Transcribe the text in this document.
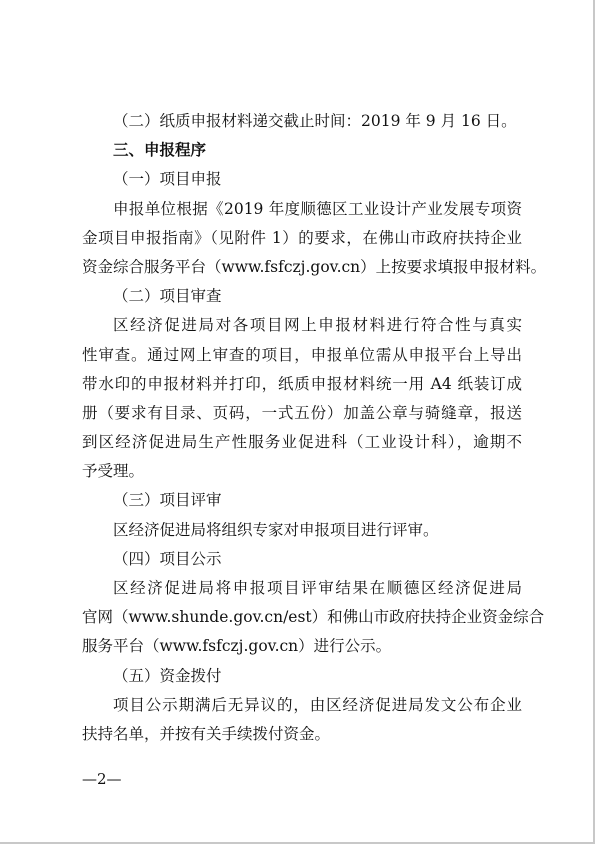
（二）纸质申报材料递交截止时间：2019 年 9 月 16 日。
三、申报程序
（一）项目申报
申报单位根据《2019 年度顺德区工业设计产业发展专项资
金项目申报指南》（见附件 1）的要求，在佛山市政府扶持企业
资金综合服务平台（www.fsfczj.gov.cn）上按要求填报申报材料。
（二）项目审查
区经济促进局对各项目网上申报材料进行符合性与真实
性审查。通过网上审查的项目，申报单位需从申报平台上导出
带水印的申报材料并打印，纸质申报材料统一用 A4 纸装订成
册（要求有目录、页码，一式五份）加盖公章与骑缝章，报送
到区经济促进局生产性服务业促进科（工业设计科），逾期不
予受理。
（三）项目评审
区经济促进局将组织专家对申报项目进行评审。
（四）项目公示
区经济促进局将申报项目评审结果在顺德区经济促进局
官网（www.shunde.gov.cn/est）和佛山市政府扶持企业资金综合
服务平台（www.fsfczj.gov.cn）进行公示。
（五）资金拨付
项目公示期满后无异议的，由区经济促进局发文公布企业
扶持名单，并按有关手续拨付资金。
—2—
